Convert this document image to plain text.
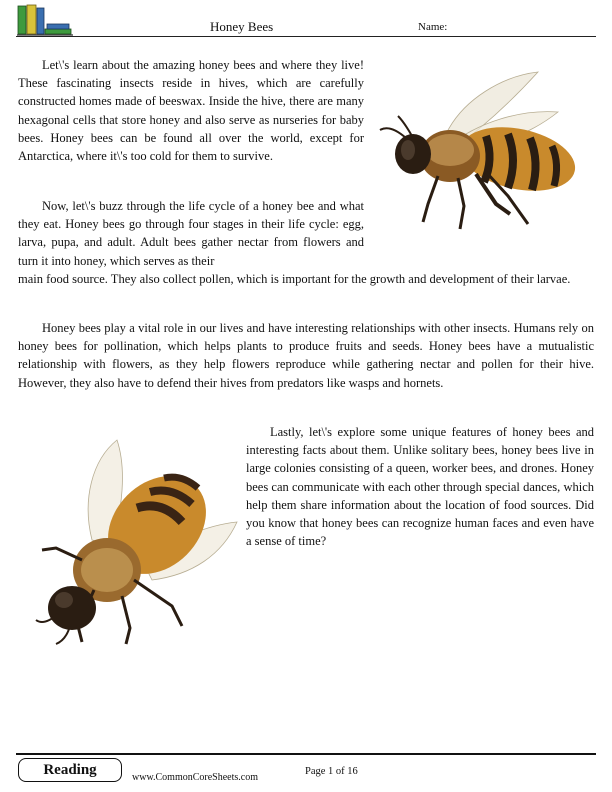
Honey Bees	Name:

Let\'s learn about the amazing honey bees and where they live! These fascinating insects reside in hives, which are carefully constructed homes made of beeswax. Inside the hive, there are many hexagonal cells that store honey and also serve as nurseries for baby bees. Honey bees can be found all over the world, except for Antarctica, where it\'s too cold for them to survive.

Now, let\'s buzz through the life cycle of a honey bee and what they eat. Honey bees go through four stages in their life cycle: egg, larva, pupa, and adult. Adult bees gather nectar from flowers and turn it into honey, which serves as their

main food source. They also collect pollen, which is important for the growth and development of their larvae.

Honey bees play a vital role in our lives and have interesting relationships with other insects. Humans rely on honey bees for pollination, which helps plants to produce fruits and seeds. Honey bees have a mutualistic relationship with flowers, as they help flowers reproduce while gathering nectar and pollen for their hive. However, they also have to defend their hives from predators like wasps and hornets.

Lastly, let\'s explore some unique features of honey bees and interesting facts about them. Unlike solitary bees, honey bees live in large colonies consisting of a queen, worker bees, and drones. Honey bees can communicate with each other through special dances, which help them share information about the location of food sources. Did you know that honey bees can recognize human faces and even have a sense of time?

Reading	www.CommonCoreSheets.com
Page 1 of 16
